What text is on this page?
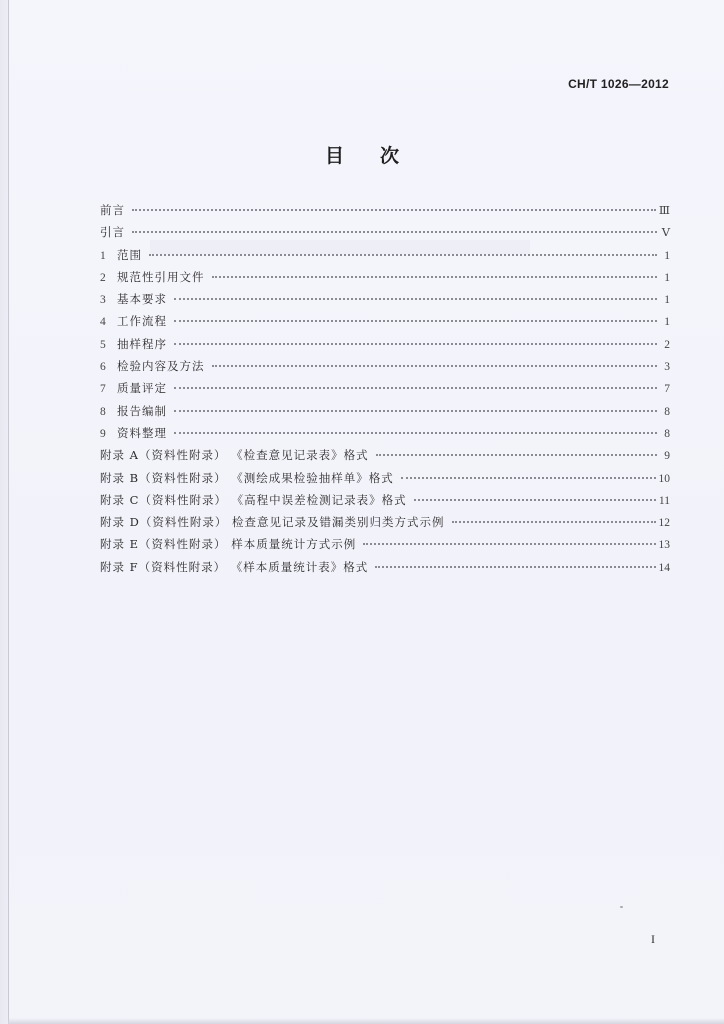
CH/T 1026—2012
目次
前言	Ⅲ
引言	Ⅴ
1 范围	1
2 规范性引用文件	1
3 基本要求	1
4 工作流程	1
5 抽样程序	2
6 检验内容及方法	3
7 质量评定	7
8 报告编制	8
9 资料整理	8
附录 A（资料性附录） 《检查意见记录表》格式	9
附录 B（资料性附录） 《测绘成果检验抽样单》格式	10
附录 C（资料性附录） 《高程中误差检测记录表》格式	11
附录 D（资料性附录） 检查意见记录及错漏类别归类方式示例	12
附录 E（资料性附录） 样本质量统计方式示例	13
附录 F（资料性附录） 《样本质量统计表》格式	14
I
